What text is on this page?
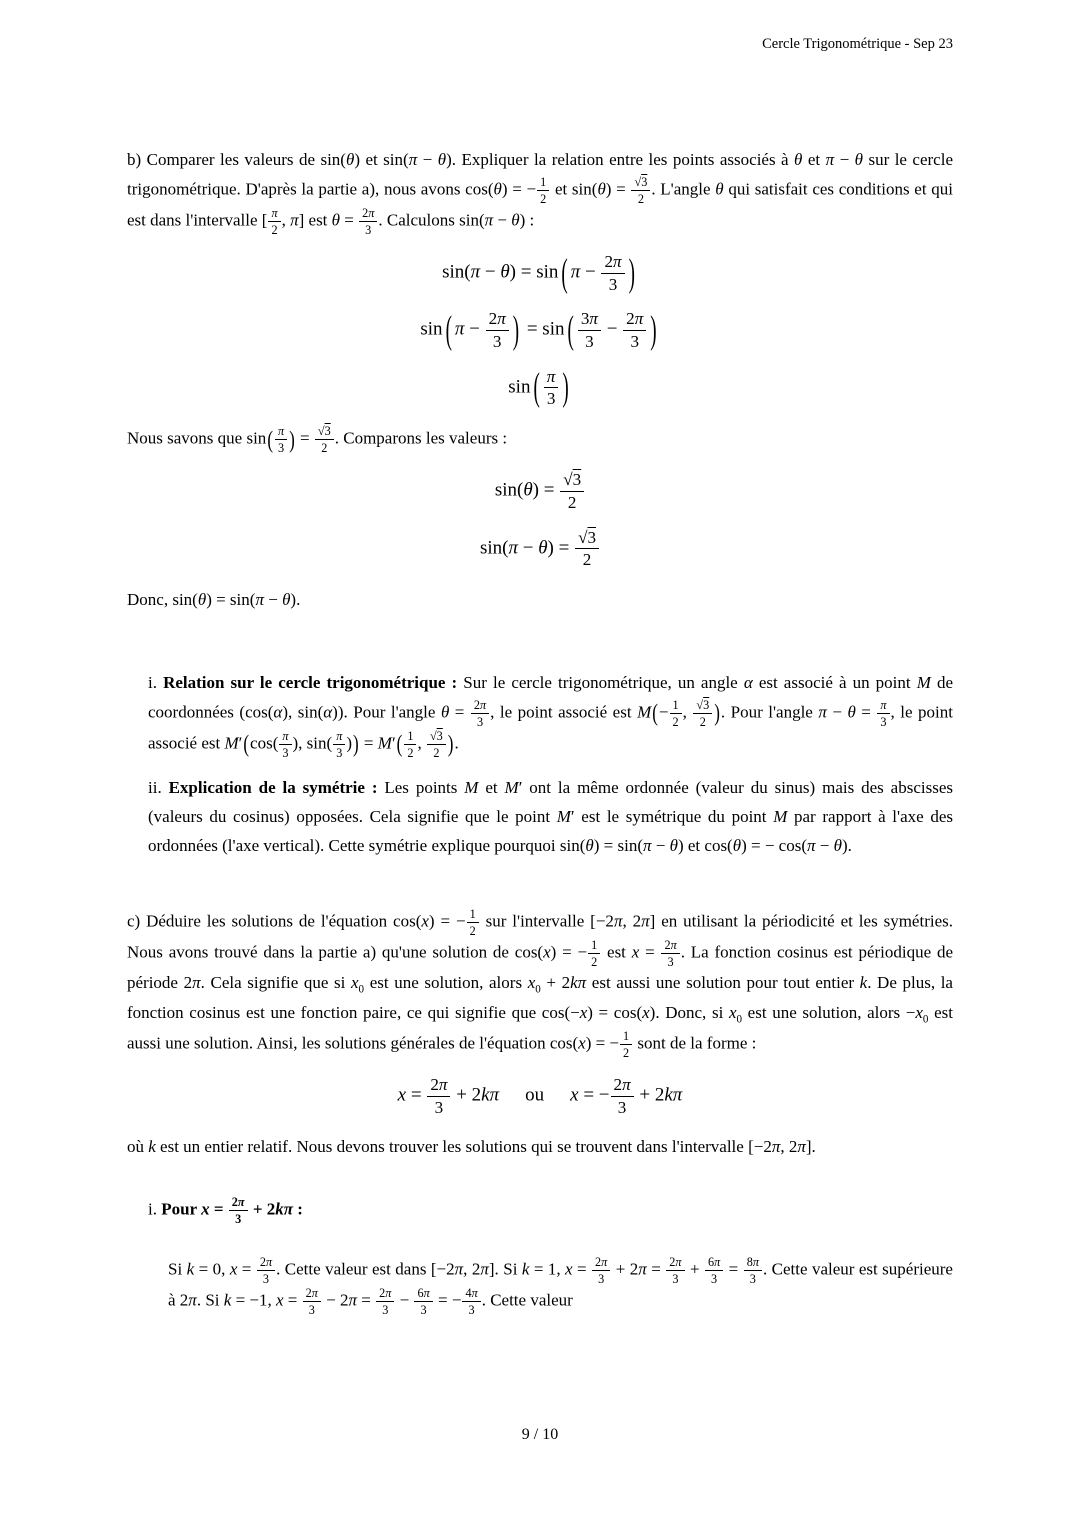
Cercle Trigonométrique - Sep 23
b) Comparer les valeurs de sin(θ) et sin(π − θ). Expliquer la relation entre les points associés à θ et π − θ sur le cercle trigonométrique. D'après la partie a), nous avons cos(θ) = − $\frac{1}{2}$ et $\sin(\theta) = \frac{√3}{2}$ . L'angle θ qui satisfait ces conditions et qui est dans l'intervalle [ $\frac{\pi}{2}$ , π] est $\theta = \frac{2\pi}{3}$ . Calculons sin(π − θ) :
sin(π − θ) = sin ( $\pi - \frac{2\pi}{3}$ )
sin ( $\pi - \frac{2\pi}{3}$ ) = sin ( $\frac{3\pi}{3} - \frac{2\pi}{3}$ )
sin ( $\frac{\pi}{3}$ )
Nous savons que $\sin( \frac{\pi}{3}$ ) = $\frac{√3}{2}$ . Comparons les valeurs :
$\sin(\theta) = \frac{√3}{2}$
$\sin(\pi - \theta) = \frac{√3}{2}$
Donc, sin(θ) = sin(π − θ).
i. Relation sur le cercle trigonométrique : Sur le cercle trigonométrique, un angle α est associé à un point M de coordonnées (cos(α), sin(α)). Pour l'angle $\theta = \frac{2\pi}{3}$ , le point associé est $M(- \frac{1}{2}$ , $\frac{√3}{2}$ ). Pour l'angle $\pi - \theta = \frac{\pi}{3}$ , le point associé est $M'(\cos( \frac{\pi}{3}$ ), $\sin( \frac{\pi}{3}$ )) = $M'( \frac{1}{2}$ , $\frac{√3}{2}$ ).
ii. Explication de la symétrie : Les points M et M′ ont la même ordonnée (valeur du sinus) mais des abscisses (valeurs du cosinus) opposées. Cela signifie que le point M′ est le symétrique du point M par rapport à l'axe des ordonnées (l'axe vertical). Cette symétrie explique pourquoi sin(θ) = sin(π − θ) et cos(θ) = − cos(π − θ).
c) Déduire les solutions de l'équation cos(x) = − $\frac{1}{2}$ sur l'intervalle [−2π, 2π] en utilisant la périodicité et les symétries. Nous avons trouvé dans la partie a) qu'une solution de cos(x) = − $\frac{1}{2}$ est $x = \frac{2\pi}{3}$ . La fonction cosinus est périodique de période 2π. Cela signifie que si $x_0$ est une solution, alors $x_0 + 2k\pi$ est aussi une solution pour tout entier k. De plus, la fonction cosinus est une fonction paire, ce qui signifie que cos(−x) = cos(x). Donc, si $x_0$ est une solution, alors $-x_0$ est aussi une solution. Ainsi, les solutions générales de l'équation cos(x) = − $\frac{1}{2}$ sont de la forme :
$x = \frac{2\pi}{3} + 2k\pi$ ou x = − $\frac{2\pi}{3} + 2k\pi$
où k est un entier relatif. Nous devons trouver les solutions qui se trouvent dans l'intervalle [−2π, 2π].
i. Pour $x = \frac{2\pi}{3} + 2k\pi$ :
Si k = 0, $x = \frac{2\pi}{3}$ . Cette valeur est dans [−2π, 2π]. Si k = 1, $x = \frac{2\pi}{3} + 2\pi = \frac{2\pi}{3} + \frac{6\pi}{3} = \frac{8\pi}{3}$ . Cette valeur est supérieure à 2π. Si k = −1, $x = \frac{2\pi}{3} - 2\pi = \frac{2\pi}{3} - \frac{6\pi}{3}$ = − $\frac{4\pi}{3}$ . Cette valeur
9 / 10
